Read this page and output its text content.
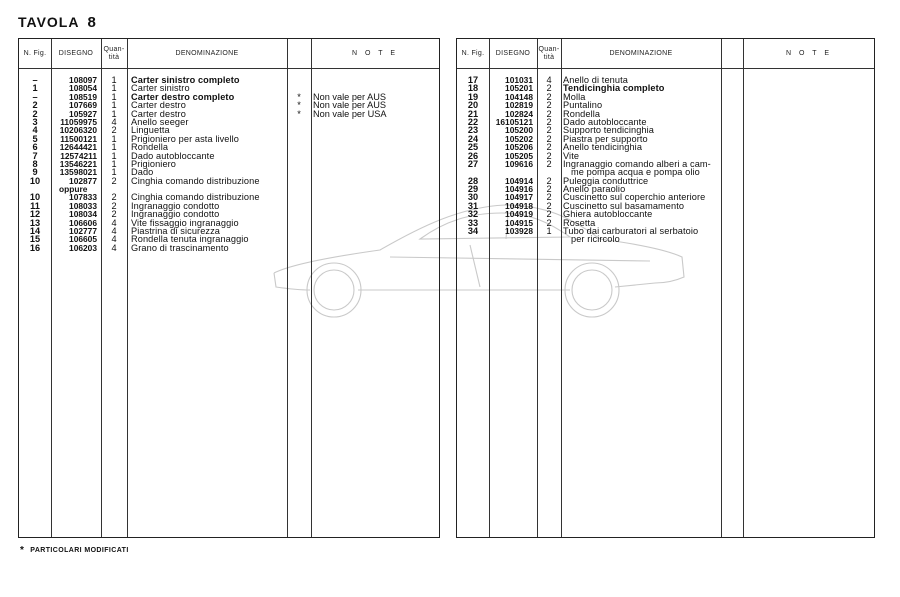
TAVOLA 8
N. Fig.	DISEGNO
Quan- tità
DENOMINAZIONE	N O T E
–	108097	1	Carter sinistro completo
1	108054	1	Carter sinistro
–	108519	1	Carter destro completo	*	Non vale per AUS
2	107669	1	Carter destro	*	Non vale per AUS
2	105927	1	Carter destro	*	Non vale per USA
3	11059975	4	Anello seeger
4	10206320	2	Linguetta
5	11500121	1	Prigioniero per asta livello
6	12644421	1	Rondella
7	12574211	1	Dado autobloccante
8	13546221	1	Prigioniero
9	13598021	1	Dado
10	102877	2	Cinghia comando distribuzione
oppure
10	107833	2	Cinghia comando distribuzione
11	108033	2	Ingranaggio condotto
12	108034	2	Ingranaggio condotto
13	106606	4	Vite fissaggio ingranaggio
14	102777	4	Piastrina di sicurezza
15	106605	4	Rondella tenuta ingranaggio
16	106203	4	Grano di trascinamento
N. Fig.	DISEGNO
Quan- tità
DENOMINAZIONE	N O T E
17	101031	4	Anello di tenuta
18	105201	2	Tendicinghia completo
19	104148	2	Molla
20	102819	2	Puntalino
21	102824	2	Rondella
22	16105121	2	Dado autobloccante
23	105200	2	Supporto tendicinghia
24	105202	2	Piastra per supporto
25	105206	2	Anello tendicinghia
26	105205	2	Vite
27	109616	2	Ingranaggio comando alberi a cam-
me pompa acqua e pompa olio
28	104914	2	Puleggia conduttrice
29	104916	2	Anello paraolio
30	104917	2	Cuscinetto sul coperchio anteriore
31	104918	2	Cuscinetto sul basamamento
32	104919	2	Ghiera autobloccante
33	104915	2	Rosetta
34	103928	1	Tubo dai carburatori al serbatoio
per ricircolo
* PARTICOLARI MODIFICATI
